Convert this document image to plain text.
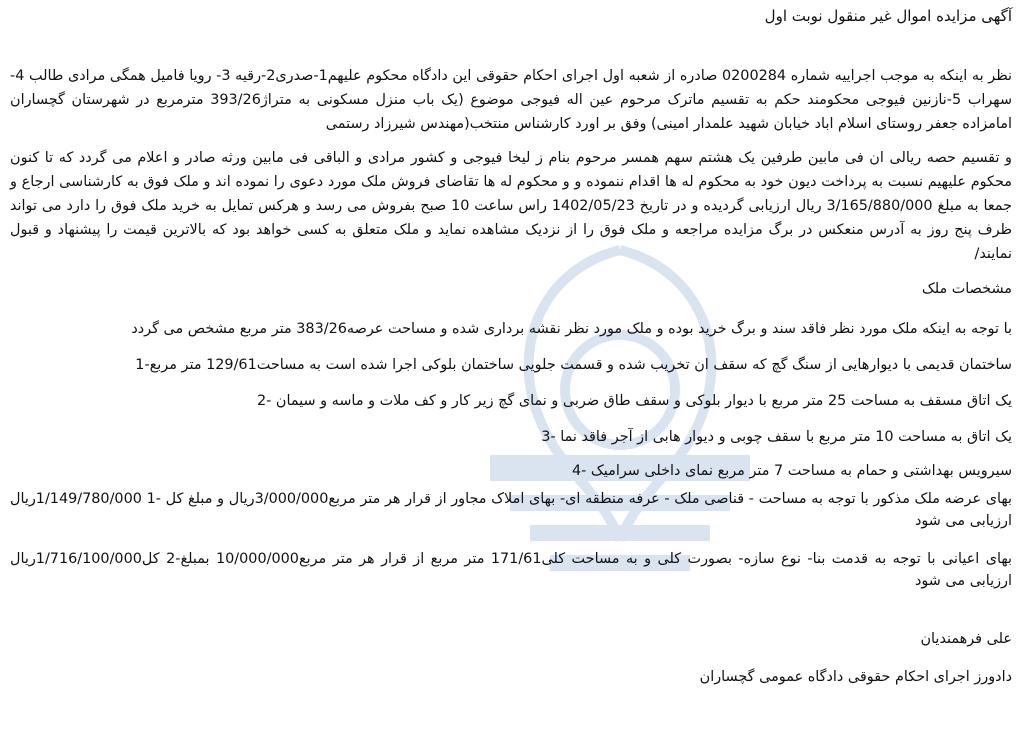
آگهی مزایده اموال غیر منقول نوبت اول
نظر به اینکه به موجب اجراییه شماره 0200284 صادره از شعبه اول اجرای احکام حقوقی این دادگاه محکوم علیهم1-صدری2-رقیه 3- رویا فامیل همگی مرادی طالب 4- سهراب 5-نازنین فیوجی محکومند حکم به تقسیم ماترک مرحوم عین اله فیوجی موضوع (یک باب منزل مسکونی به متراژ393/26 مترمربع در شهرستان گچساران امامزاده جعفر روستای اسلام اباد خیابان شهید علمدار امینی) وفق بر اورد کارشناس منتخب(مهندس شیرزاد رستمی
و تقسیم حصه ریالی ان فی مابین طرفین یک هشتم سهم همسر مرحوم بنام ز لیخا فیوجی و کشور مرادی و الباقی فی مابین ورثه صادر و اعلام می گردد که تا کنون محکوم علیهیم نسبت به پرداخت دیون خود به محکوم له ها اقدام ننموده و و محکوم له ها تقاضای فروش ملک مورد دعوی را نموده اند و ملک فوق به کارشناسی ارجاع و جمعا به مبلغ 3/165/880/000 ریال ارزیابی گردیده و در تاریخ 1402/05/23 راس ساعت 10 صبح بفروش می رسد و هرکس تمایل به خرید ملک فوق را دارد می تواند ظرف پنج روز به آدرس منعکس در برگ مزایده مراجعه و ملک فوق را از نزدیک مشاهده نماید و ملک متعلق به کسی خواهد بود که بالاترین قیمت را پیشنهاد و قبول نمایند/
مشخصات ملک
با توجه به اینکه ملک مورد نظر فاقد سند و برگ خرید بوده و ملک مورد نظر نقشه برداری شده و مساحت عرصه383/26 متر مربع مشخص می گردد
ساختمان قدیمی با دیوارهایی از سنگ گچ که سقف ان تخریب شده و قسمت جلویی ساختمان بلوکی اجرا شده است به مساحت129/61 متر مربع-1
یک اتاق مسقف به مساحت 25 متر مربع با دیوار بلوکی و سقف طاق ضربی و نمای گچ زیر کار و کف ملات و ماسه و سیمان -2
یک اتاق به مساحت 10 متر مربع با سقف چوبی و دیوار هابی از آجر فاقد نما -3
سیرویس بهداشتی و حمام به مساحت 7 متر مربع نمای داخلی سرامیک -4
بهای عرضه ملک مذکور با توجه به مساحت - قناصی ملک - عرفه منطقه ای- بهای املاک مجاور از قرار هر متر مربع3/000/000ریال و مبلغ کل -1 1/149/780/000ریال ارزیابی می شود
بهای اعیانی با توجه به قدمت بنا- نوع سازه- بصورت کلی و به مساحت کلی171/61 متر مربع از قرار هر متر مربع10/000/000 بمبلغ-2 کل1/716/100/000ریال ارزیابی می شود
علی فرهمندیان
دادورز اجرای احکام حقوقی دادگاه عمومی گچساران
